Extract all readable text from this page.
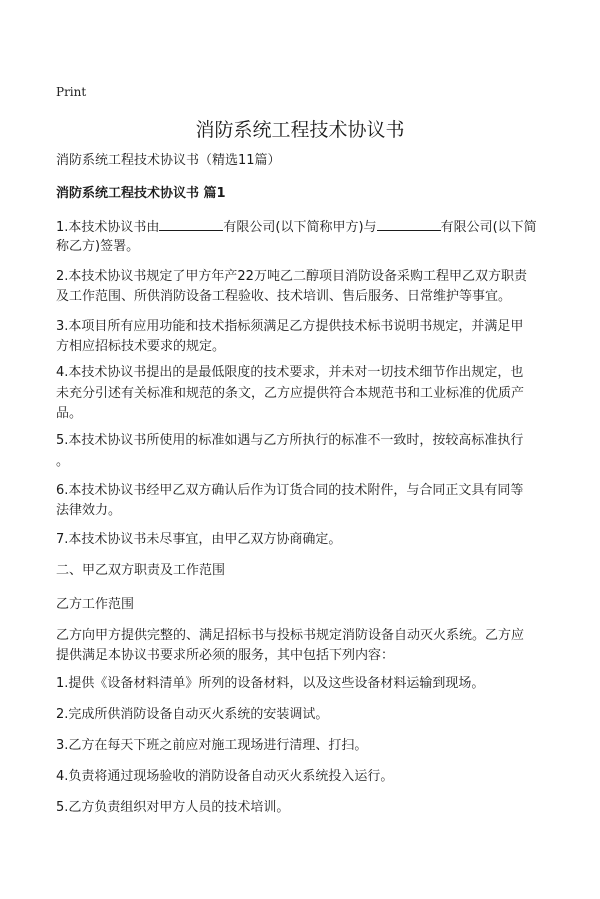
Print
消防系统工程技术协议书
消防系统工程技术协议书（精选11篇）
消防系统工程技术协议书 篇1
1.本技术协议书由	有限公司(以下简称甲方)与	有限公司(以下简
称乙方)签署。
2.本技术协议书规定了甲方年产22万吨乙二醇项目消防设备采购工程甲乙双方职责
及工作范围、所供消防设备工程验收、技术培训、售后服务、日常维护等事宜。
3.本项目所有应用功能和技术指标须满足乙方提供技术标书说明书规定，并满足甲
方相应招标技术要求的规定。
4.本技术协议书提出的是最低限度的技术要求，并未对一切技术细节作出规定，也
未充分引述有关标准和规范的条文，乙方应提供符合本规范书和工业标准的优质产
品。
5.本技术协议书所使用的标准如遇与乙方所执行的标准不一致时，按较高标准执行
。
6.本技术协议书经甲乙双方确认后作为订货合同的技术附件，与合同正文具有同等
法律效力。
7.本技术协议书未尽事宜，由甲乙双方协商确定。
二、甲乙双方职责及工作范围
乙方工作范围
乙方向甲方提供完整的、满足招标书与投标书规定消防设备自动灭火系统。乙方应
提供满足本协议书要求所必须的服务，其中包括下列内容：
1.提供《设备材料清单》所列的设备材料，以及这些设备材料运输到现场。
2.完成所供消防设备自动灭火系统的安装调试。
3.乙方在每天下班之前应对施工现场进行清理、打扫。
4.负责将通过现场验收的消防设备自动灭火系统投入运行。
5.乙方负责组织对甲方人员的技术培训。
